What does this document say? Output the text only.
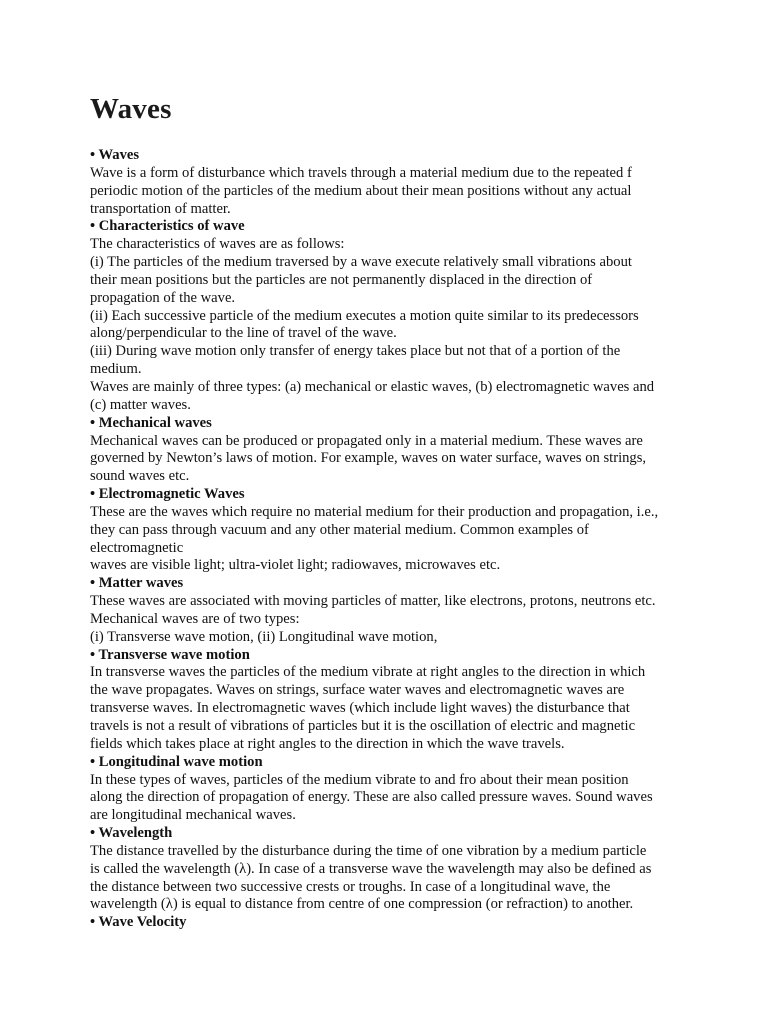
Waves
• Waves
Wave is a form of disturbance which travels through a material medium due to the repeated f
periodic motion of the particles of the medium about their mean positions without any actual
transportation of matter.
• Characteristics of wave
The characteristics of waves are as follows:
(i) The particles of the medium traversed by a wave execute relatively small vibrations about
their mean positions but the particles are not permanently displaced in the direction of
propagation of the wave.
(ii) Each successive particle of the medium executes a motion quite similar to its predecessors
along/perpendicular to the line of travel of the wave.
(iii) During wave motion only transfer of energy takes place but not that of a portion of the
medium.
Waves are mainly of three types: (a) mechanical or elastic waves, (b) electromagnetic waves and
(c) matter waves.
• Mechanical waves
Mechanical waves can be produced or propagated only in a material medium. These waves are
governed by Newton’s laws of motion. For example, waves on water surface, waves on strings,
sound waves etc.
• Electromagnetic Waves
These are the waves which require no material medium for their production and propagation, i.e.,
they can pass through vacuum and any other material medium. Common examples of
electromagnetic
waves are visible light; ultra-violet light; radiowaves, microwaves etc.
• Matter waves
These waves are associated with moving particles of matter, like electrons, protons, neutrons etc.
Mechanical waves are of two types:
(i) Transverse wave motion, (ii) Longitudinal wave motion,
• Transverse wave motion
In transverse waves the particles of the medium vibrate at right angles to the direction in which
the wave propagates. Waves on strings, surface water waves and electromagnetic waves are
transverse waves. In electromagnetic waves (which include light waves) the disturbance that
travels is not a result of vibrations of particles but it is the oscillation of electric and magnetic
fields which takes place at right angles to the direction in which the wave travels.
• Longitudinal wave motion
In these types of waves, particles of the medium vibrate to and fro about their mean position
along the direction of propagation of energy. These are also called pressure waves. Sound waves
are longitudinal mechanical waves.
• Wavelength
The distance travelled by the disturbance during the time of one vibration by a medium particle
is called the wavelength (λ). In case of a transverse wave the wavelength may also be defined as
the distance between two successive crests or troughs. In case of a longitudinal wave, the
wavelength (λ) is equal to distance from centre of one compression (or refraction) to another.
• Wave Velocity
